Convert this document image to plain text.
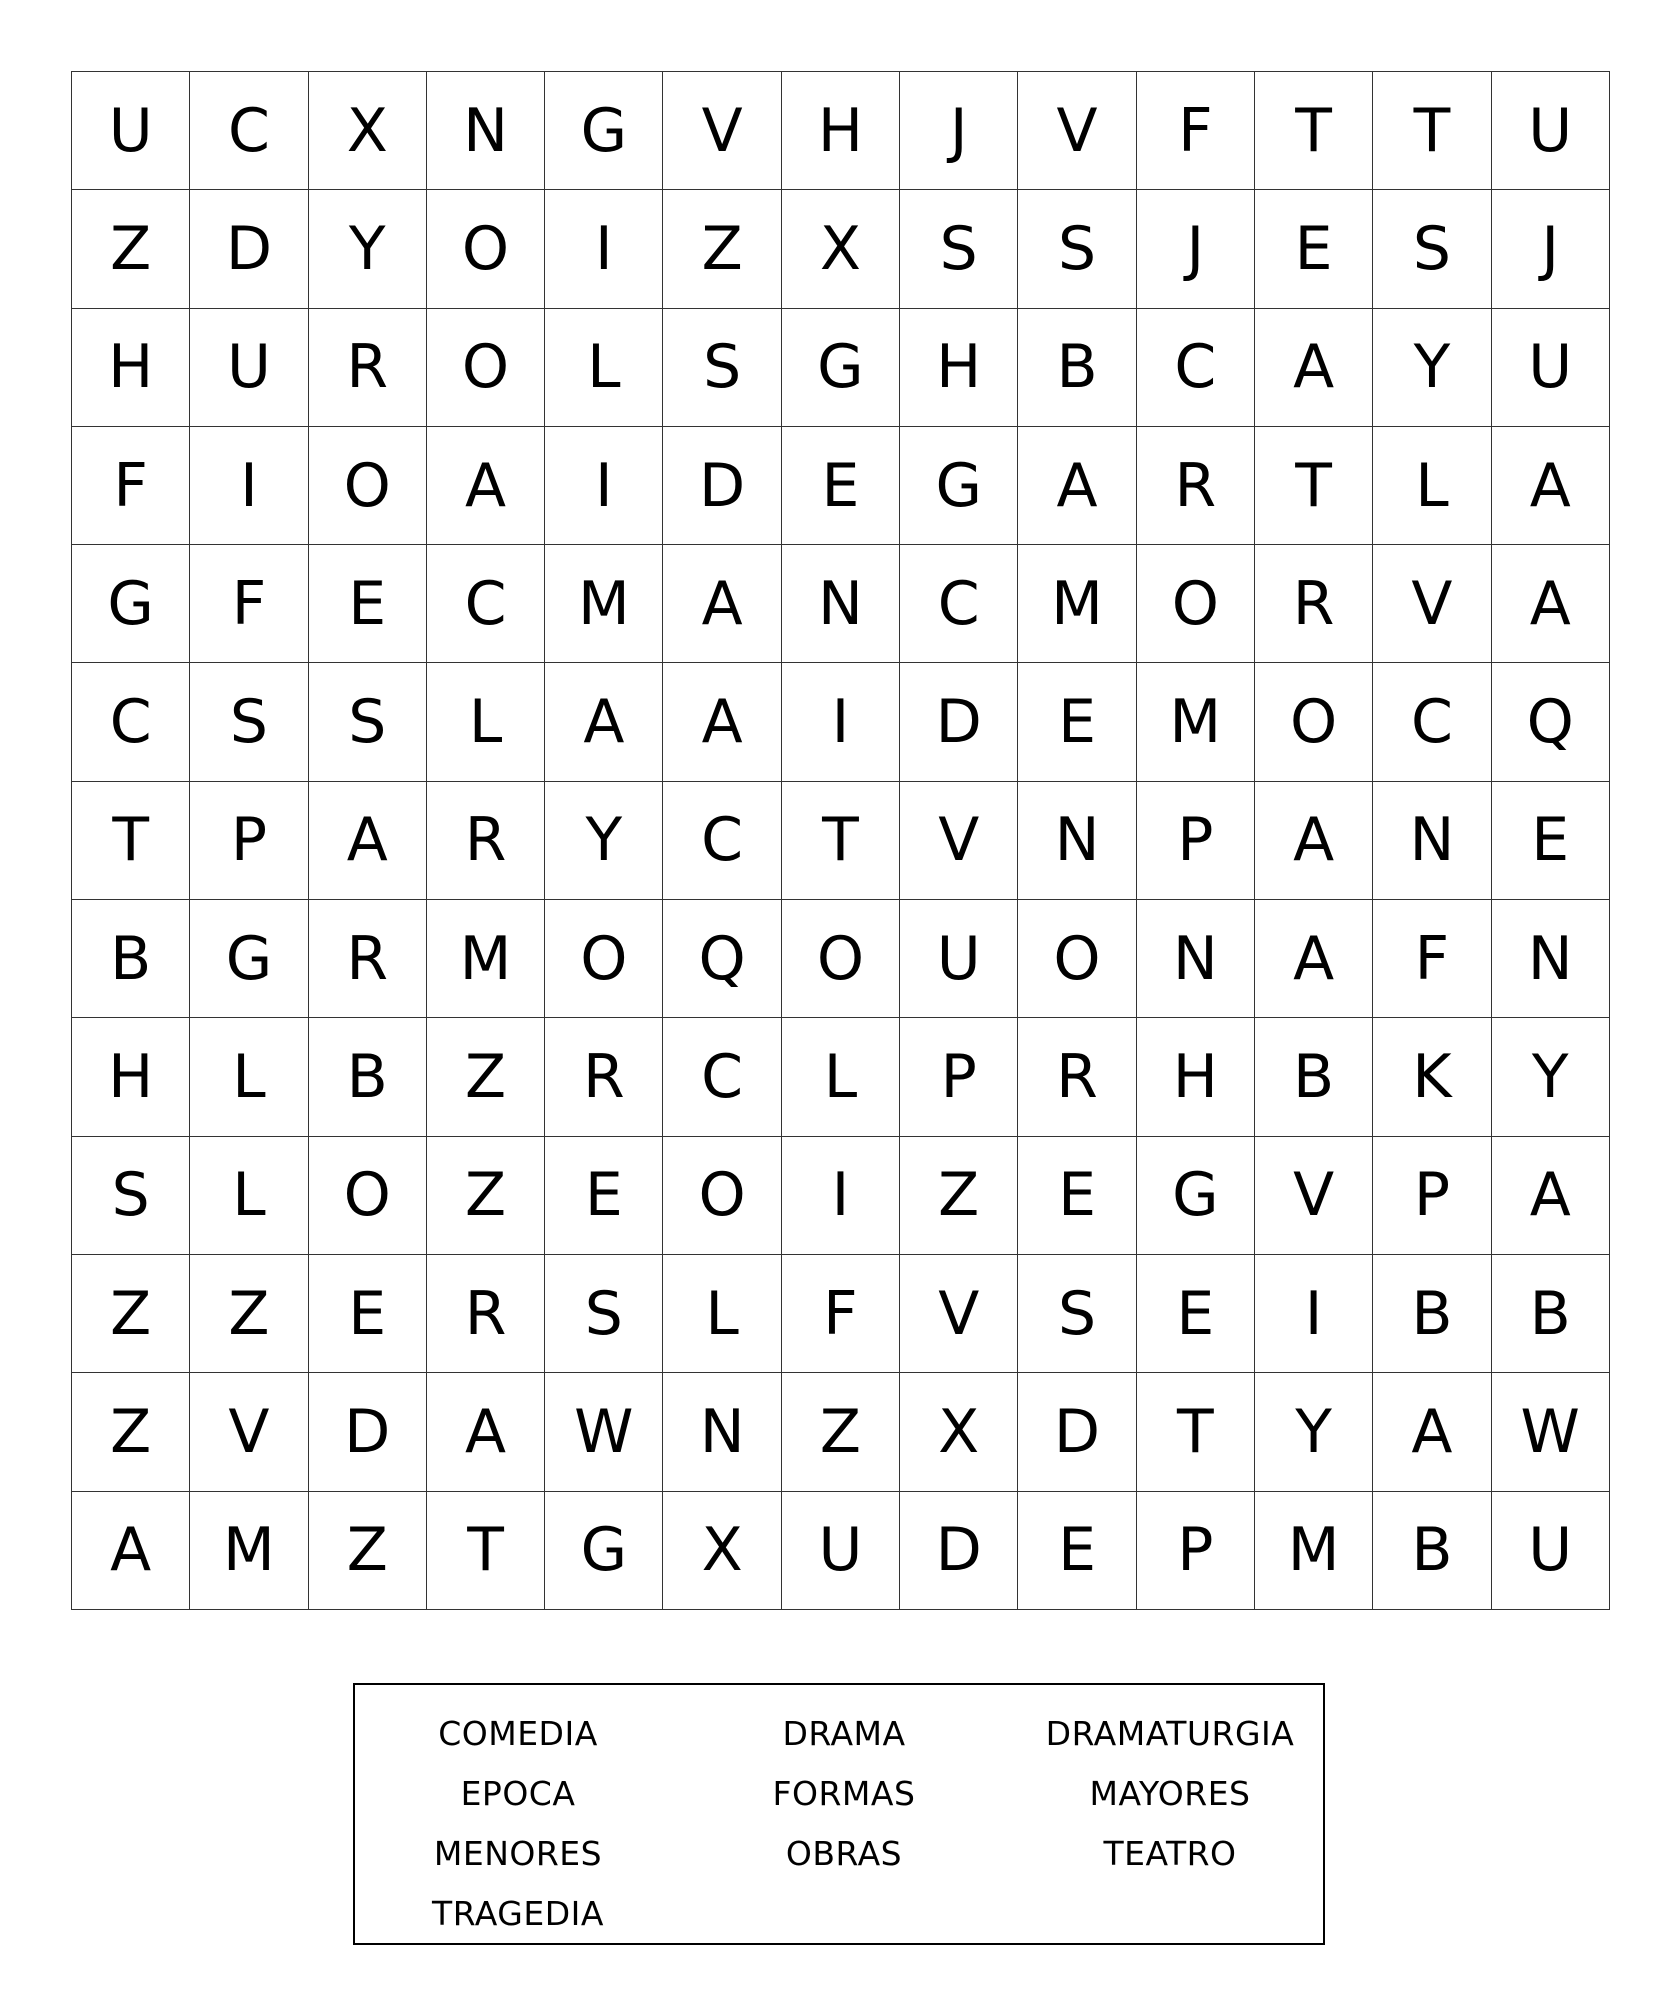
U	C	X	N	G	V	H	J	V	F	T	T	U
Z	D	Y	O	I	Z	X	S	S	J	E	S	J
H	U	R	O	L	S	G	H	B	C	A	Y	U
F	I	O	A	I	D	E	G	A	R	T	L	A
G	F	E	C	M	A	N	C	M	O	R	V	A
C	S	S	L	A	A	I	D	E	M	O	C	Q
T	P	A	R	Y	C	T	V	N	P	A	N	E
B	G	R	M	O	Q	O	U	O	N	A	F	N
H	L	B	Z	R	C	L	P	R	H	B	K	Y
S	L	O	Z	E	O	I	Z	E	G	V	P	A
Z	Z	E	R	S	L	F	V	S	E	I	B	B
Z	V	D	A	W	N	Z	X	D	T	Y	A	W
A	M	Z	T	G	X	U	D	E	P	M	B	U
COMEDIA	DRAMA	DRAMATURGIA
EPOCA	FORMAS	MAYORES
MENORES	OBRAS	TEATRO
TRAGEDIA
